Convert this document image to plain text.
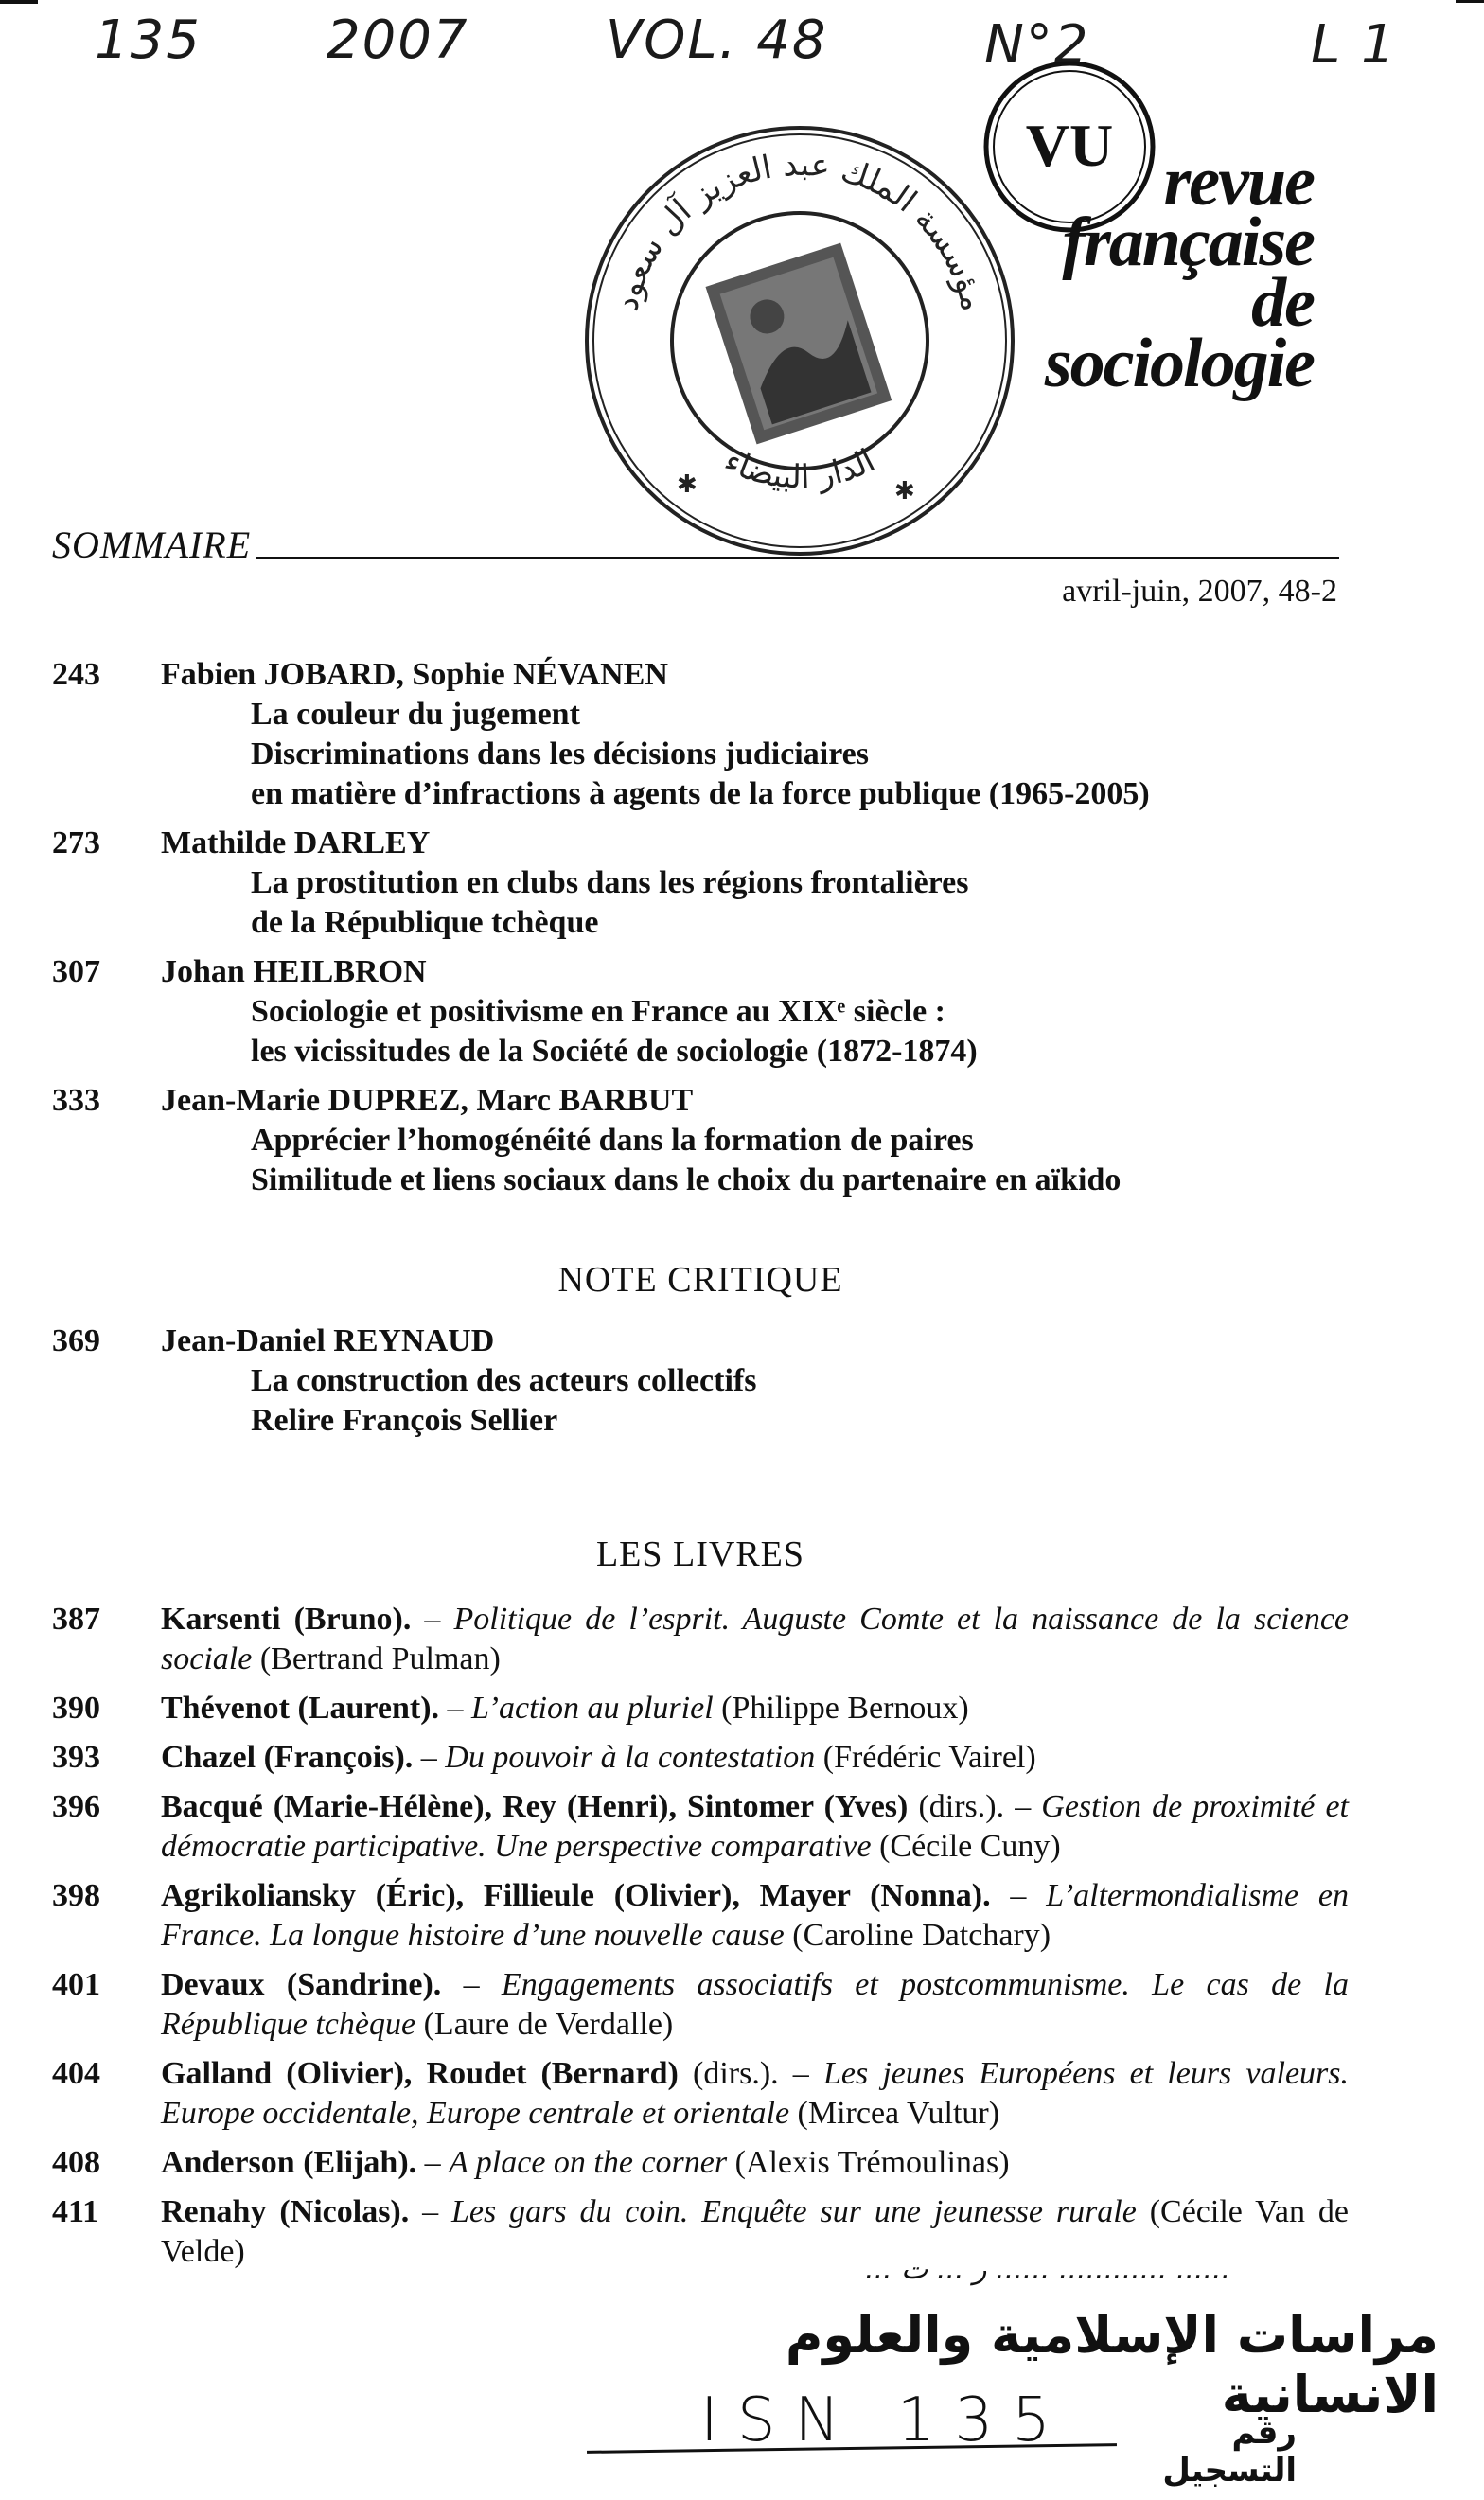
135 2007	VOL. 48	N°2	L 1
VU
مؤسسة الملك عبد العزيز آل سعود
الدار البيضاء
✱	✱
revue
française
de
sociologie
SOMMAIRE
avril-juin, 2007, 48-2
243	Fabien JOBARD, Sophie NÉVANEN
La couleur du jugement
Discriminations dans les décisions judiciaires
en matière d’infractions à agents de la force publique (1965-2005)
273	Mathilde DARLEY
La prostitution en clubs dans les régions frontalières
de la République tchèque
307	Johan HEILBRON
Sociologie et positivisme en France au XIXᵉ siècle :
les vicissitudes de la Société de sociologie (1872-1874)
333	Jean-Marie DUPREZ, Marc BARBUT
Apprécier l’homogénéité dans la formation de paires
Similitude et liens sociaux dans le choix du partenaire en aïkido
NOTE CRITIQUE
369	Jean-Daniel REYNAUD
La construction des acteurs collectifs
Relire François Sellier
LES LIVRES
387	Karsenti (Bruno). – Politique de l’esprit. Auguste Comte et la naissance de la science sociale (Bertrand Pulman)
390	Thévenot (Laurent). – L’action au pluriel (Philippe Bernoux)
393	Chazel (François). – Du pouvoir à la contestation (Frédéric Vairel)
396	Bacqué (Marie-Hélène), Rey (Henri), Sintomer (Yves) (dirs.). – Gestion de proximité et démocratie participative. Une perspective comparative (Cécile Cuny)
398	Agrikoliansky (Éric), Fillieule (Olivier), Mayer (Nonna). – L’altermondialisme en France. La longue histoire d’une nouvelle cause (Caroline Datchary)
401	Devaux (Sandrine). – Engagements associatifs et postcommunisme. Le cas de la République tchèque (Laure de Verdalle)
404	Galland (Olivier), Roudet (Bernard) (dirs.). – Les jeunes Européens et leurs valeurs. Europe occidentale, Europe centrale et orientale (Mircea Vultur)
408	Anderson (Elijah). – A place on the corner (Alexis Trémoulinas)
411	Renahy (Nicolas). – Les gars du coin. Enquête sur une jeunesse rurale (Cécile Van de Velde)
...... ............ ...... ر ... ت ...
مراسات الإسلامية والعلوم الانسانية
ISN 135	رقم التسجيل
